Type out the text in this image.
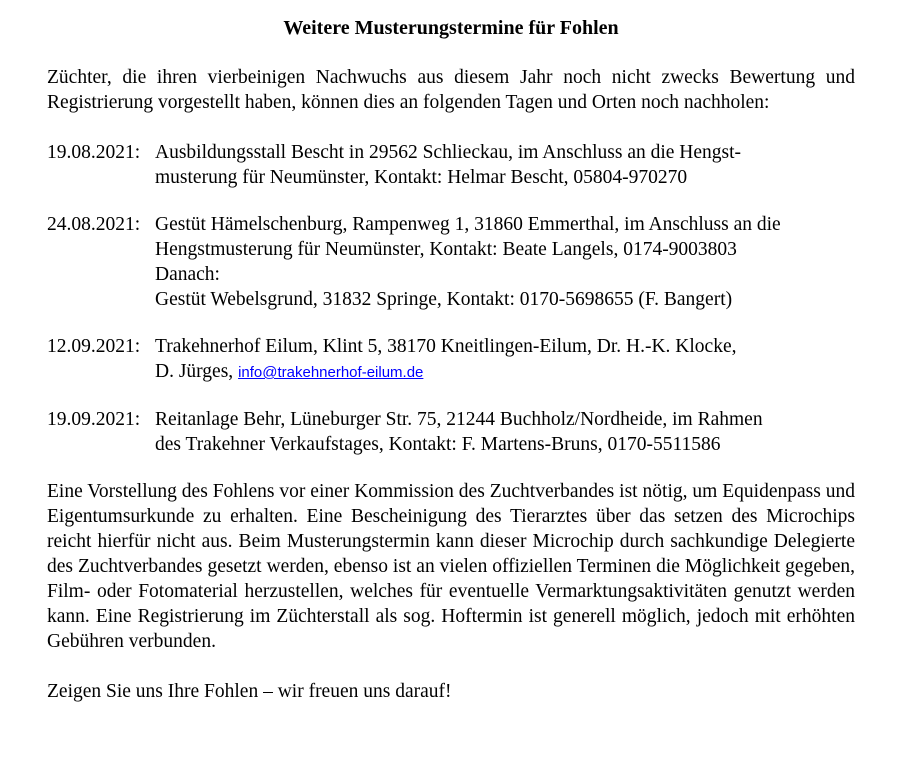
Weitere Musterungstermine für Fohlen

Züchter, die ihren vierbeinigen Nachwuchs aus diesem Jahr noch nicht zwecks Bewertung und Registrierung vorgestellt haben, können dies an folgenden Tagen und Orten noch nachholen:

19.08.2021: Ausbildungsstall Bescht in 29562 Schlieckau, im Anschluss an die Hengst-
musterung für Neumünster, Kontakt: Helmar Bescht, 05804-970270
24.08.2021: Gestüt Hämelschenburg, Rampenweg 1, 31860 Emmerthal, im Anschluss an die
Hengstmusterung für Neumünster, Kontakt: Beate Langels, 0174-9003803
Danach:
Gestüt Webelsgrund, 31832 Springe, Kontakt: 0170-5698655 (F. Bangert)
12.09.2021: Trakehnerhof Eilum, Klint 5, 38170 Kneitlingen-Eilum, Dr. H.-K. Klocke,
D. Jürges, info@trakehnerhof-eilum.de
19.09.2021: Reitanlage Behr, Lüneburger Str. 75, 21244 Buchholz/Nordheide, im Rahmen
des Trakehner Verkaufstages, Kontakt: F. Martens-Bruns, 0170-5511586

Eine Vorstellung des Fohlens vor einer Kommission des Zuchtverbandes ist nötig, um Equidenpass und Eigentumsurkunde zu erhalten. Eine Bescheinigung des Tierarztes über das setzen des Microchips reicht hierfür nicht aus. Beim Musterungstermin kann dieser Microchip durch sachkundige Delegierte des Zuchtverbandes gesetzt werden, ebenso ist an vielen offiziellen Terminen die Möglichkeit gegeben, Film- oder Fotomaterial herzustellen, welches für eventuelle Vermarktungsaktivitäten genutzt werden kann. Eine Registrierung im Züchterstall als sog. Hoftermin ist generell möglich, jedoch mit erhöhten Gebühren verbunden.

Zeigen Sie uns Ihre Fohlen – wir freuen uns darauf!
